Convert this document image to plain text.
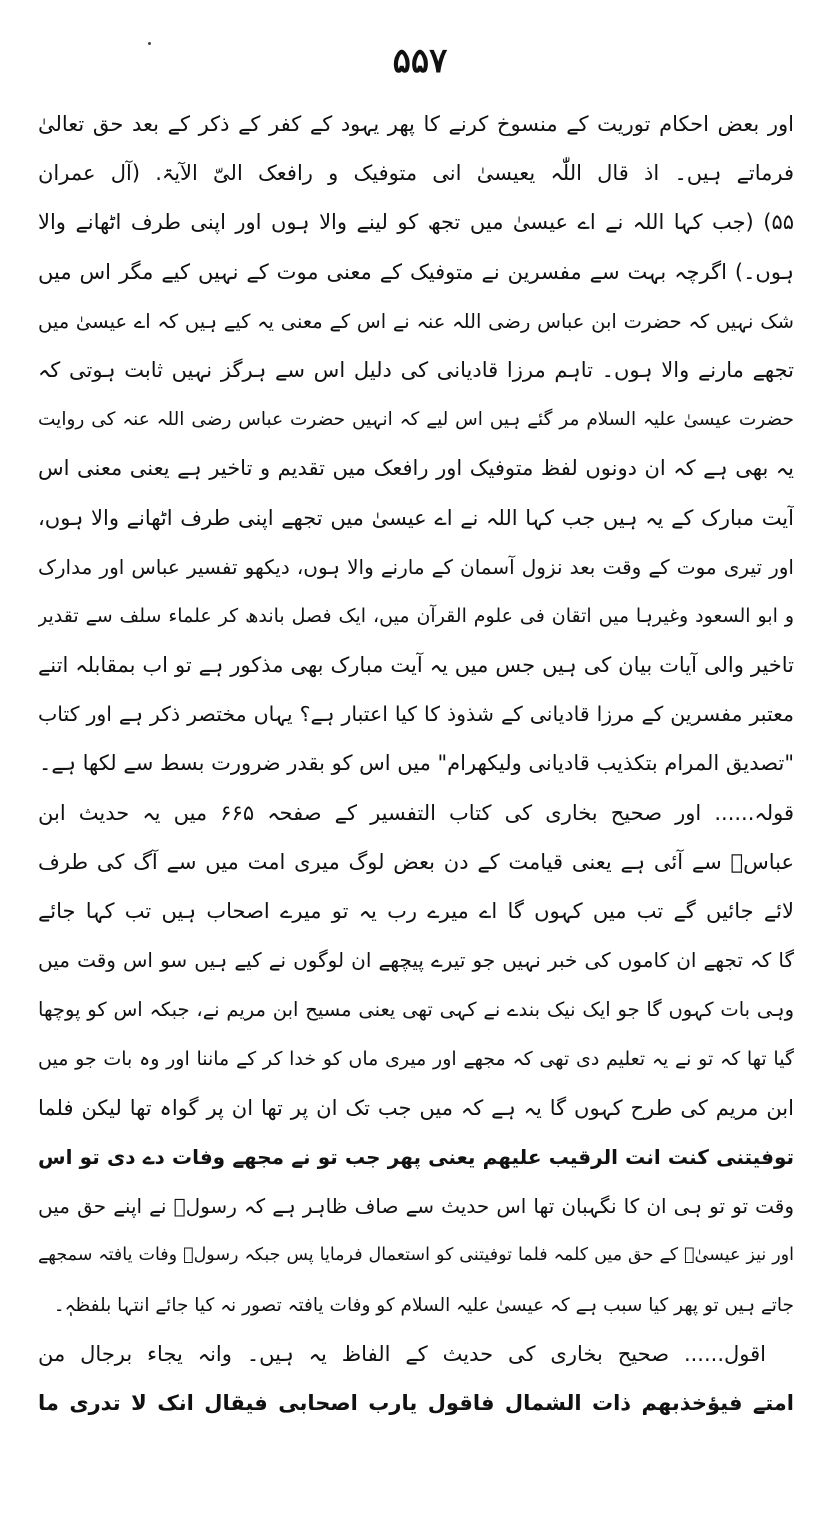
۵۵۷
اور بعض احکام توریت کے منسوخ کرنے کا پھر یہود کے کفر کے ذکر کے بعد حق تعالیٰ
فرماتے ہیں۔ اذ قال اللّٰہ یعیسیٰ انی متوفیک و رافعک الیّ الآیۃ. (آل عمران
۵۵) (جب کہا اللہ نے اے عیسیٰ میں تجھ کو لینے والا ہوں اور اپنی طرف اٹھانے والا
ہوں۔) اگرچہ بہت سے مفسرین نے متوفیک کے معنی موت کے نہیں کیے مگر اس میں
شک نہیں کہ حضرت ابن عباس رضی اللہ عنہ نے اس کے معنی یہ کیے ہیں کہ اے عیسیٰ میں
تجھے مارنے والا ہوں۔ تاہم مرزا قادیانی کی دلیل اس سے ہرگز نہیں ثابت ہوتی کہ
حضرت عیسیٰ علیہ السلام مر گئے ہیں اس لیے کہ انہیں حضرت عباس رضی اللہ عنہ کی روایت
یہ بھی ہے کہ ان دونوں لفظ متوفیک اور رافعک میں تقدیم و تاخیر ہے یعنی معنی اس
آیت مبارک کے یہ ہیں جب کہا اللہ نے اے عیسیٰ میں تجھے اپنی طرف اٹھانے والا ہوں،
اور تیری موت کے وقت بعد نزول آسمان کے مارنے والا ہوں، دیکھو تفسیر عباس اور مدارک
و ابو السعود وغیرہا میں اتقان فی علوم القرآن میں، ایک فصل باندھ کر علماء سلف سے تقدیر
تاخیر والی آیات بیان کی ہیں جس میں یہ آیت مبارک بھی مذکور ہے تو اب بمقابلہ اتنے
معتبر مفسرین کے مرزا قادیانی کے شذوذ کا کیا اعتبار ہے؟ یہاں مختصر ذکر ہے اور کتاب
"تصدیق المرام بتکذیب قادیانی ولیکھرام" میں اس کو بقدر ضرورت بسط سے لکھا ہے۔
قولہ...... اور صحیح بخاری کی کتاب التفسیر کے صفحہ ۶۶۵ میں یہ حدیث ابن
عباسؓ سے آئی ہے یعنی قیامت کے دن بعض لوگ میری امت میں سے آگ کی طرف
لائے جائیں گے تب میں کہوں گا اے میرے رب یہ تو میرے اصحاب ہیں تب کہا جائے
گا کہ تجھے ان کاموں کی خبر نہیں جو تیرے پیچھے ان لوگوں نے کیے ہیں سو اس وقت میں
وہی بات کہوں گا جو ایک نیک بندے نے کہی تھی یعنی مسیح ابن مریم نے، جبکہ اس کو پوچھا
گیا تھا کہ تو نے یہ تعلیم دی تھی کہ مجھے اور میری ماں کو خدا کر کے ماننا اور وہ بات جو میں
ابن مریم کی طرح کہوں گا یہ ہے کہ میں جب تک ان پر تھا ان پر گواہ تھا لیکن فلما
توفیتنی کنت انت الرقیب علیھم یعنی پھر جب تو نے مجھے وفات دے دی تو اس
وقت تو تو ہی ان کا نگہبان تھا اس حدیث سے صاف ظاہر ہے کہ رسولؐ نے اپنے حق میں
اور نیز عیسیٰؑ کے حق میں کلمہ فلما توفیتنی کو استعمال فرمایا پس جبکہ رسولؐ وفات یافتہ سمجھے
جاتے ہیں تو پھر کیا سبب ہے کہ عیسیٰ علیہ السلام کو وفات یافتہ تصور نہ کیا جائے انتہا بلفظہٖ۔
اقول...... صحیح بخاری کی حدیث کے الفاظ یہ ہیں۔ وانہ یجاء برجال من
امتے فیؤخذبھم ذات الشمال فاقول یارب اصحابی فیقال انک لا تدری ما
